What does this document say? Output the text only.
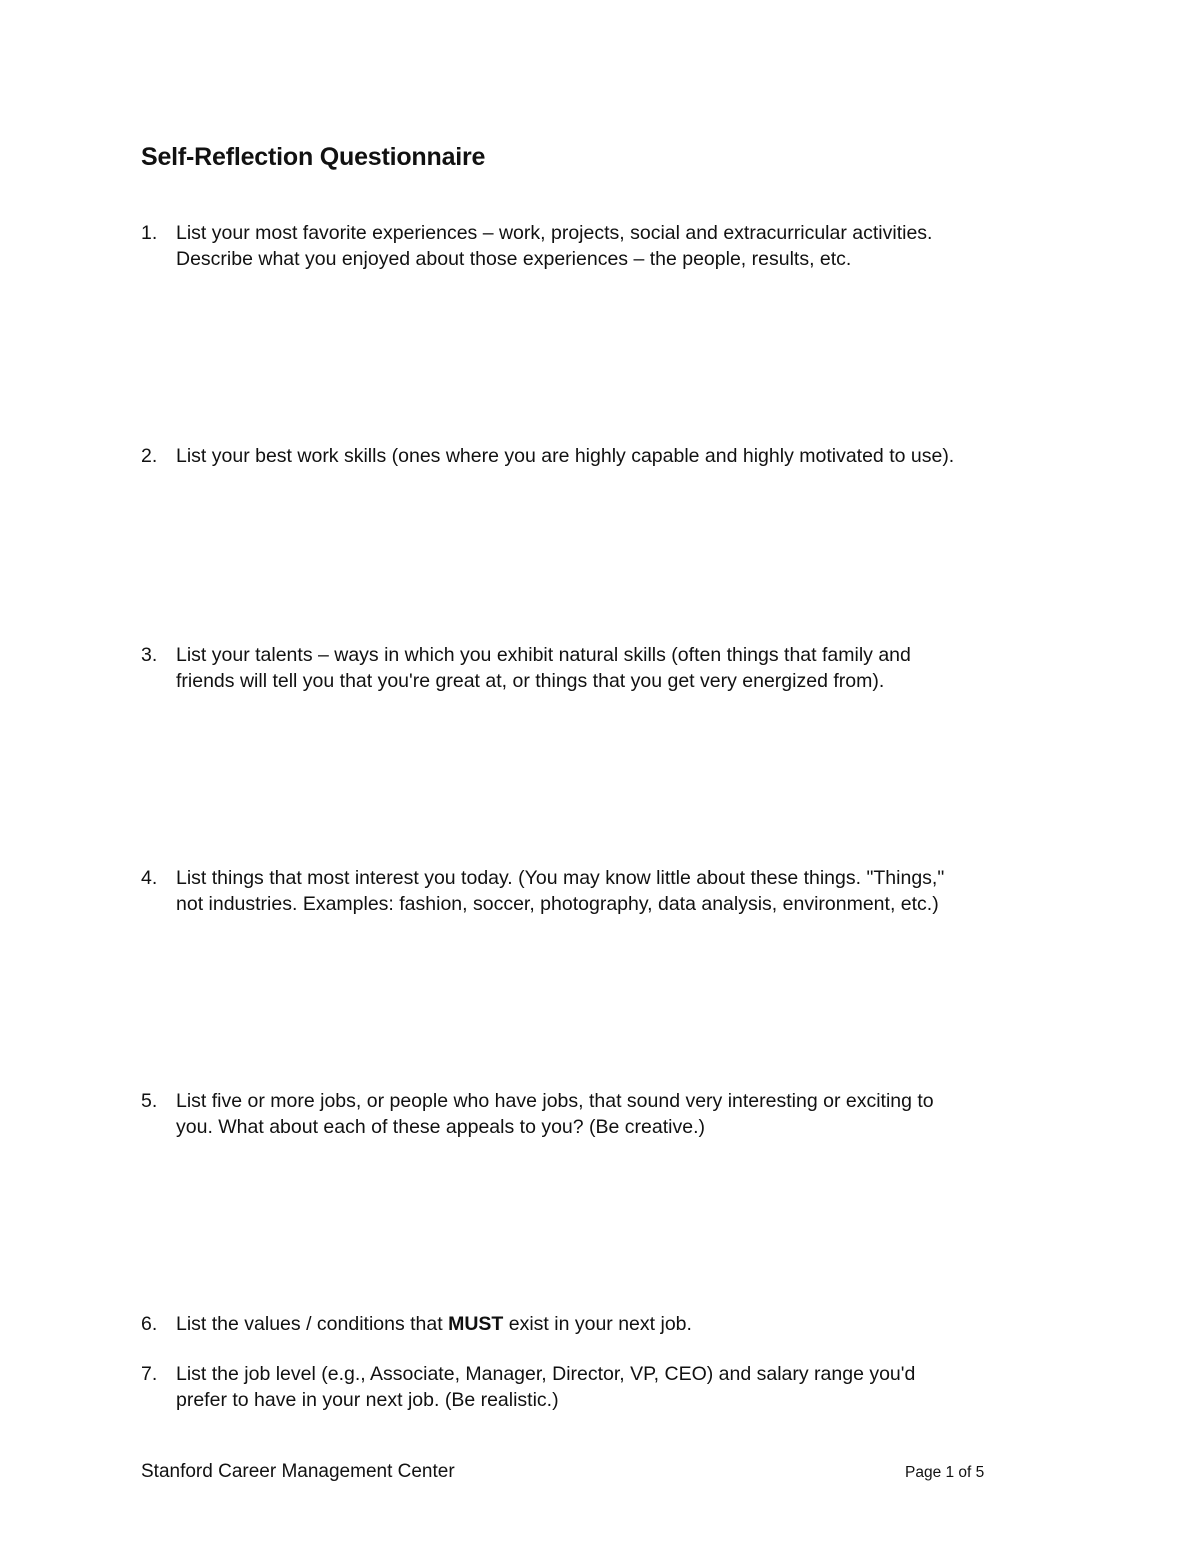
Self-Reflection Questionnaire
1. List your most favorite experiences – work, projects, social and extracurricular activities.
Describe what you enjoyed about those experiences – the people, results, etc.
2. List your best work skills (ones where you are highly capable and highly motivated to use).
3. List your talents – ways in which you exhibit natural skills (often things that family and
friends will tell you that you're great at, or things that you get very energized from).
4. List things that most interest you today. (You may know little about these things. "Things,"
not industries. Examples: fashion, soccer, photography, data analysis, environment, etc.)
5. List five or more jobs, or people who have jobs, that sound very interesting or exciting to
you. What about each of these appeals to you? (Be creative.)
6. List the values / conditions that MUST exist in your next job.
7. List the job level (e.g., Associate, Manager, Director, VP, CEO) and salary range you'd
prefer to have in your next job. (Be realistic.)
Stanford Career Management Center	Page 1 of 5
